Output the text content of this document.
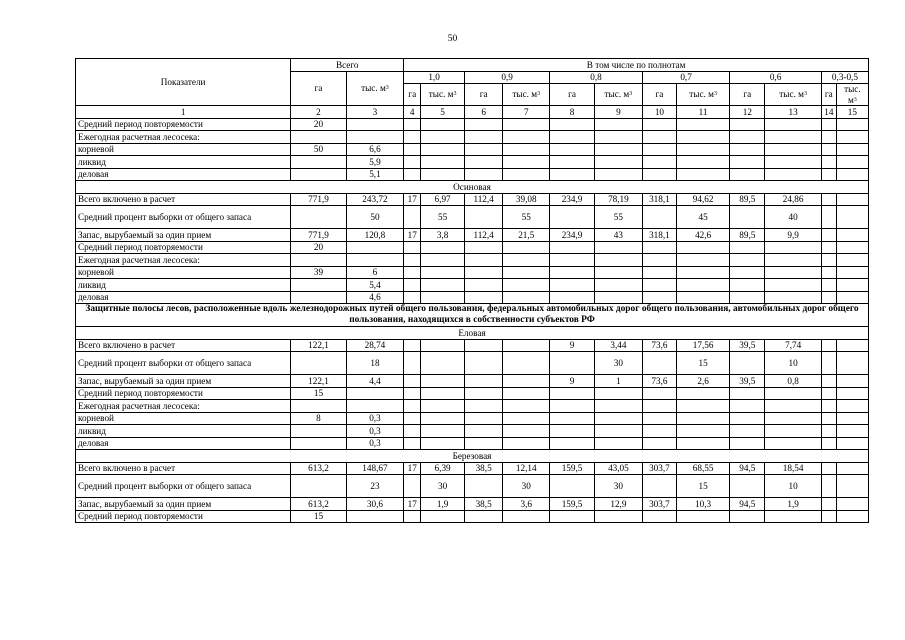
50
Показатели	Всего		В том числе по полнотам											
	га	тыс. $м^3$	1,0		0,9		0,8		0,7		0,6		0,3-0,5	
			га	тыс. $м^3$	га	тыс. $м^3$	га	тыс. $м^3$	га	тыс. $м^3$	га	тыс. $м^3$	га	тыс. $м^3$
1	2	3	4	5	6	7	8	9	10	11	12	13	14	15
Средний период повторяемости	20													
Ежегодная расчетная лесосека:														
корневой	50	6,6												
ликвид		5,9												
деловая		5,1												
Осиновая														
Всего включено в расчет	771,9	243,72	17	6,97	112,4	39,08	234,9	78,19	318,1	94,62	89,5	24,86		
Средний процент выборки от общего запаса		50		55		55		55		45		40		
Запас, вырубаемый за один прием	771,9	120,8	17	3,8	112,4	21,5	234,9	43	318,1	42,6	89,5	9,9		
Средний период повторяемости	20													
Ежегодная расчетная лесосека:														
корневой	39	6												
ликвид		5,4												
деловая		4,6												
Защитные полосы лесов, расположенные вдоль железнодорожных путей общего пользования, федеральных автомобильных дорог общего пользования, автомобильных дорог общего пользования, находящихся в собственности субъектов РФ														
Еловая														
Всего включено в расчет	122,1	28,74					9	3,44	73,6	17,56	39,5	7,74		
Средний процент выборки от общего запаса		18						30		15		10		
Запас, вырубаемый за один прием	122,1	4,4					9	1	73,6	2,6	39,5	0,8		
Средний период повторяемости	15													
Ежегодная расчетная лесосека:														
корневой	8	0,3												
ликвид		0,3												
деловая		0,3												
Березовая														
Всего включено в расчет	613,2	148,67	17	6,39	38,5	12,14	159,5	43,05	303,7	68,55	94,5	18,54		
Средний процент выборки от общего запаса		23		30		30		30		15		10		
Запас, вырубаемый за один прием	613,2	30,6	17	1,9	38,5	3,6	159,5	12,9	303,7	10,3	94,5	1,9		
Средний период повторяемости	15													
